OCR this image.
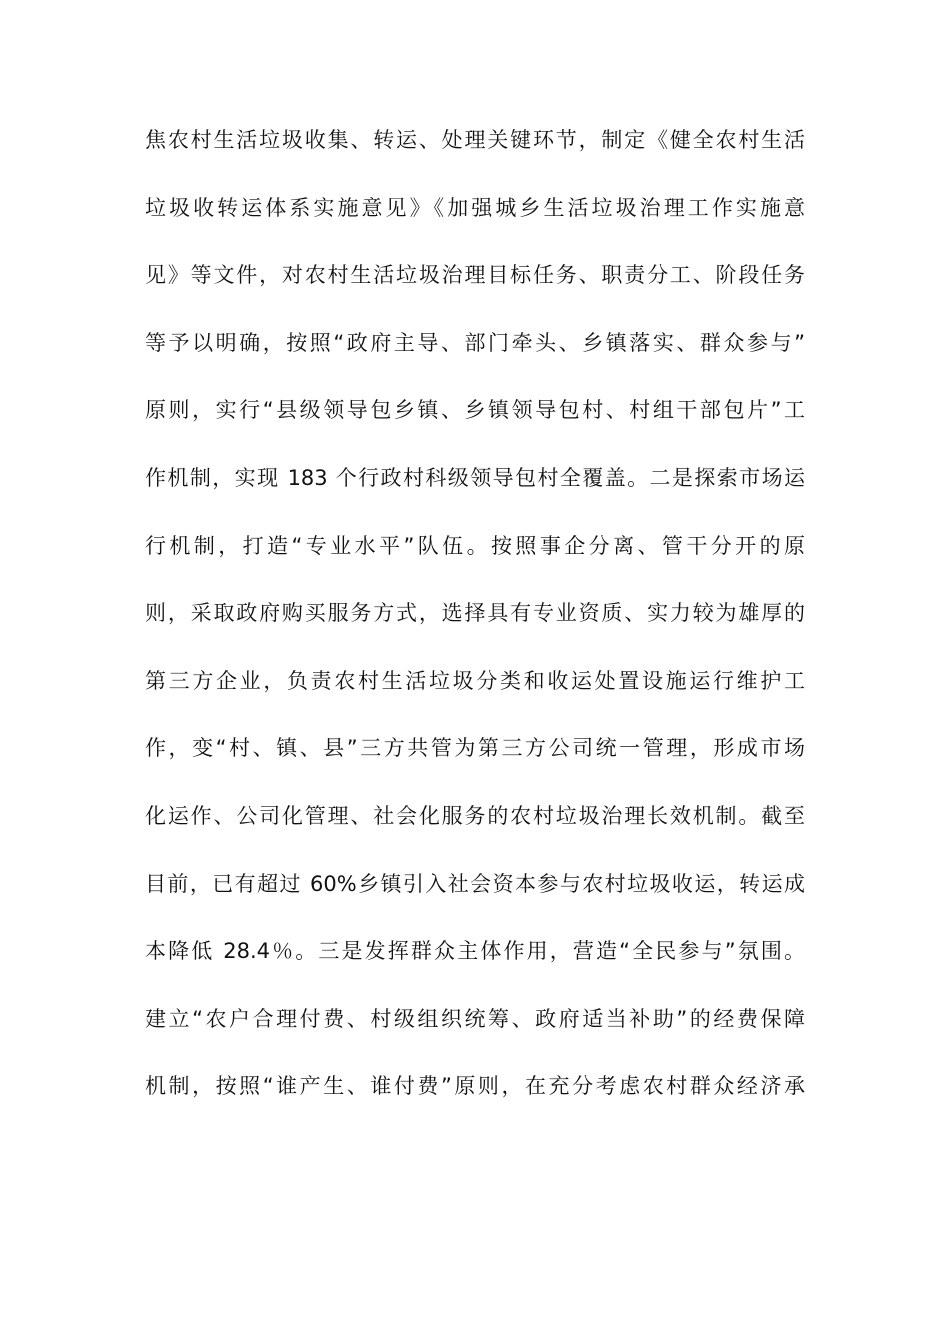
焦农村生活垃圾收集、转运、处理关键环节，制定《健全农村生活
垃圾收转运体系实施意见》《加强城乡生活垃圾治理工作实施意
见》等文件，对农村生活垃圾治理目标任务、职责分工、阶段任务
等予以明确，按照“政府主导、部门牵头、乡镇落实、群众参与”
原则，实行“县级领导包乡镇、乡镇领导包村、村组干部包片”工
作机制，实现 183 个行政村科级领导包村全覆盖。二是探索市场运
行机制，打造“专业水平”队伍。按照事企分离、管干分开的原
则，采取政府购买服务方式，选择具有专业资质、实力较为雄厚的
第三方企业，负责农村生活垃圾分类和收运处置设施运行维护工
作，变“村、镇、县”三方共管为第三方公司统一管理，形成市场
化运作、公司化管理、社会化服务的农村垃圾治理长效机制。截至
目前，已有超过 60%乡镇引入社会资本参与农村垃圾收运，转运成
本降低 28.4％。三是发挥群众主体作用，营造“全民参与”氛围。
建立“农户合理付费、村级组织统筹、政府适当补助”的经费保障
机制，按照“谁产生、谁付费”原则，在充分考虑农村群众经济承
